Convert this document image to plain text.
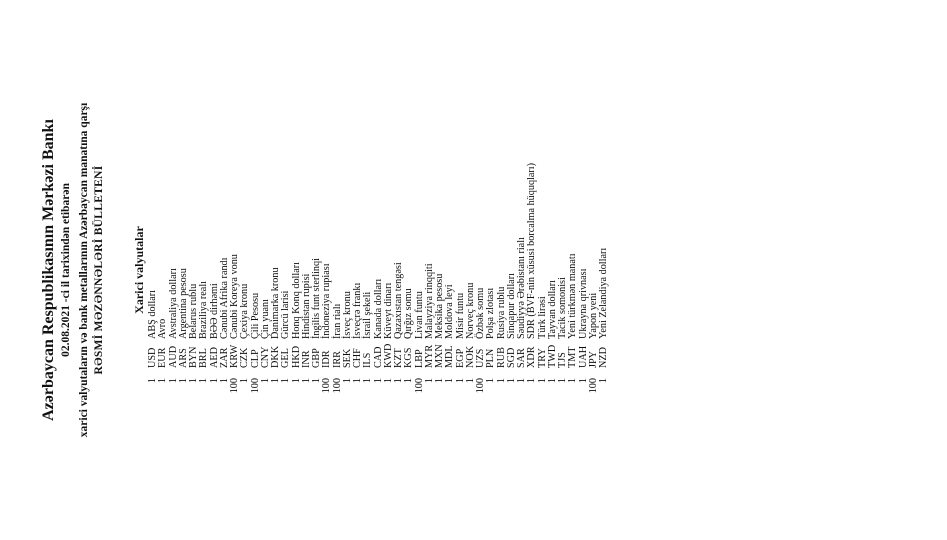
Azərbaycan Respublikasının Mərkəzi Bankı 02.08.2021 -ci il tarixindən etibarən xarici valyutaların və bank metallarının Azərbaycan manatına qarşı RƏSMİ MƏZƏNNƏLƏRİ BÜLLETENİ Xarici valyutalar
1
USD
ABŞ dolları
1
EUR
Avro
1
AUD
Avstraliya dolları
1
ARS
Argentina pesosu
1
BYN
Belarus rublu
1
BRL
Braziliya realı
1
AED
BƏƏ dirhəmi
1
ZAR
Cənubi Afrika randı
100
KRW
Cənubi Koreya vonu
1
CZK
Çexiya kronu
100
CLP
Çili Pesosu
1
CNY
Çin yuanı
1
DKK
Danimarka kronu
1
GEL
Gürcü larisi
1
HKD
Honq Konq dolları
1
INR
Hindistan rupisi
1
GBP
İngilis funt sterlinqi
100
IDR
İndoneziya rupiası
100
IRR
İran rialı
1
SEK
İsveç kronu
1
CHF
İsveçrə frankı
1
ILS
İsrail şekeli
1
CAD
Kanada dolları
1
KWD
Küveyt dinarı
1
KZT
Qazaxıstan tengəsi
1
KGS
Qırğız somu
100
LBP
Livan funtu
1
MYR
Malayziya rinqqiti
1
MXN
Meksika pesosu
1
MDL
Moldova leyi
1
EGP
Misir funtu
1
NOK
Norveç kronu
100
UZS
Özbək somu
1
PLN
Polşa zlotası
1
RUB
Rusiya rublu
1
SGD
Sinqapur dolları
1
SAR
Səudiyyə Ərəbistanı rialı
1
XDR
SDR (BVF-nin xüsusi borcalma hüquqları)
1
TRY
Türk lirəsi
1
TWD
Tayvan dolları
1
TJS
Tacik somonisi
1
TMT
Yeni türkmən manatı
1
UAH
Ukrayna qrivnası
100
JPY
Yapon yeni
1
NZD
Yeni Zelandiya dolları
